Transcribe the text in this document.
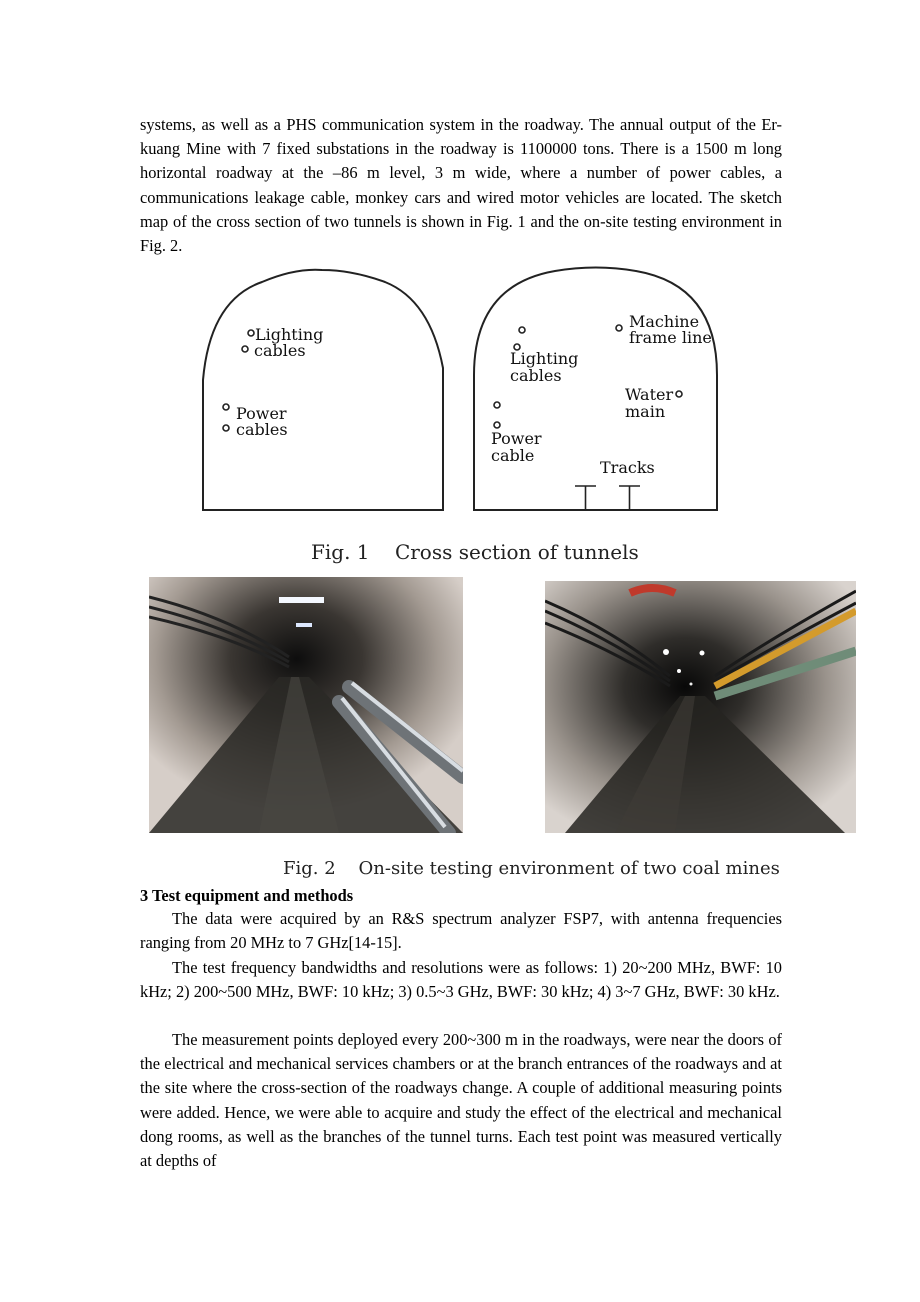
systems, as well as a PHS communication system in the roadway. The annual output of the Er-kuang Mine with 7 fixed substations in the roadway is 1100000 tons. There is a 1500 m long horizontal roadway at the –86 m level, 3 m wide, where a number of power cables, a communications leakage cable, monkey cars and wired motor vehicles are located. The sketch map of the cross section of two tunnels is shown in Fig. 1 and the on-site testing environment in Fig. 2.

Lighting
cables
Power
cables
Machine
frame line
Lighting
cables
Water
main
Power
cable
Tracks
Fig. 1    Cross section of tunnels
Fig. 2    On-site testing environment of two coal mines
3 Test equipment and methods

The data were acquired by an R&S spectrum analyzer FSP7, with antenna frequencies ranging from 20 MHz to 7 GHz[14-15].

The test frequency bandwidths and resolutions were as follows: 1) 20~200 MHz, BWF: 10 kHz; 2) 200~500 MHz, BWF: 10 kHz; 3) 0.5~3 GHz, BWF: 30 kHz; 4) 3~7 GHz, BWF: 30 kHz.

The measurement points deployed every 200~300 m in the roadways, were near the doors of the electrical and mechanical services chambers or at the branch entrances of the roadways and at the site where the cross-section of the roadways change. A couple of additional measuring points were added. Hence, we were able to acquire and study the effect of the electrical and mechanical dong rooms, as well as the branches of the tunnel turns. Each test point was measured vertically at depths of
